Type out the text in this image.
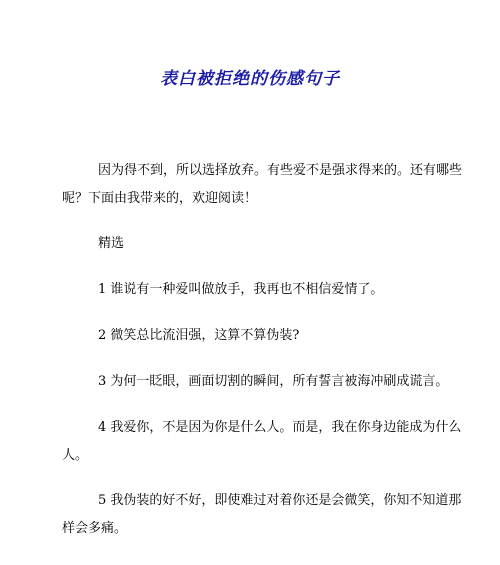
表白被拒绝的伤感句子
因为得不到，所以选择放弃。有些爱不是强求得来的。还有哪些
呢？下面由我带来的，欢迎阅读！
精选
1 谁说有一种爱叫做放手，我再也不相信爱情了。
2 微笑总比流泪强，这算不算伪装?
3 为何一眨眼，画面切割的瞬间，所有誓言被海冲刷成谎言。
4 我爱你，不是因为你是什么人。而是，我在你身边能成为什么
人。
5 我伪装的好不好，即使难过对着你还是会微笑，你知不知道那
样会多痛。
